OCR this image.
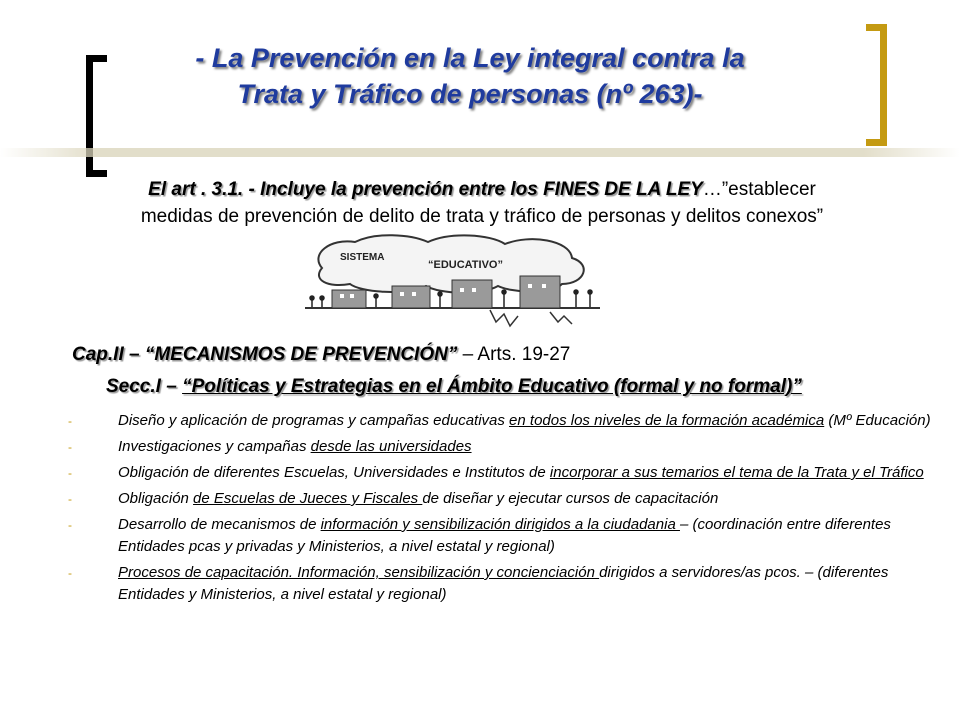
- La Prevención en la Ley integral contra la
Trata y Tráfico de personas (nº 263)-
El art . 3.1. - Incluye la prevención entre los FINES DE LA LEY…”establecer
medidas de prevención de delito de trata y tráfico de personas y delitos conexos”
SISTEMA
“EDUCATIVO”
Cap.II – “MECANISMOS DE PREVENCIÓN” – Arts. 19-27
Secc.I – “Políticas y Estrategias en el Ámbito Educativo (formal y no formal)”
-	Diseño y aplicación de programas y campañas educativas en todos los niveles de la formación académica (Mº Educación)
-	Investigaciones y campañas desde las universidades
-	Obligación de diferentes Escuelas, Universidades e Institutos de incorporar a sus temarios el tema de la Trata y el Tráfico
-	Obligación de Escuelas de Jueces y Fiscales de diseñar y ejecutar cursos de capacitación
-	Desarrollo de mecanismos de información y sensibilización dirigidos a la ciudadania – (coordinación entre diferentes Entidades pcas y privadas y Ministerios, a nivel estatal y regional)
-	Procesos de capacitación. Información, sensibilización y concienciación dirigidos a servidores/as pcos. – (diferentes Entidades y Ministerios, a nivel estatal y regional)
